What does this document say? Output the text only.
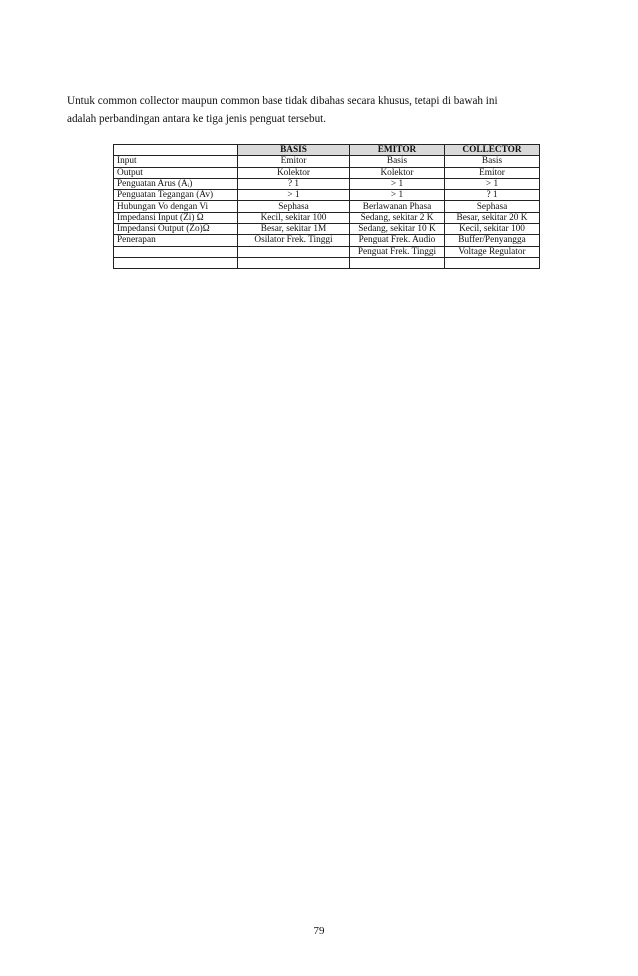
Untuk common collector maupun common base tidak dibahas secara khusus, tetapi di bawah ini

adalah perbandingan antara ke tiga jenis penguat tersebut.

	BASIS	EMITOR	COLLECTOR
Input	Emitor	Basis	Basis
Output	Kolektor	Kolektor	Emitor
Penguatan Arus (Aᵢ)	? 1	> 1	> 1
Penguatan Tegangan (Av)	> 1	> 1	? 1
Hubungan Vo dengan Vi	Sephasa	Berlawanan Phasa	Sephasa
Impedansi Input (Zi) Ω	Kecil, sekitar 100	Sedang, sekitar 2 K	Besar, sekitar 20 K
Impedansi Output (Zo)Ω	Besar, sekitar 1M	Sedang, sekitar 10 K	Kecil, sekitar 100
Penerapan	Osilator Frek. Tinggi	Penguat Frek. Audio	Buffer/Penyangga
		Penguat Frek. Tinggi	Voltage Regulator

79
